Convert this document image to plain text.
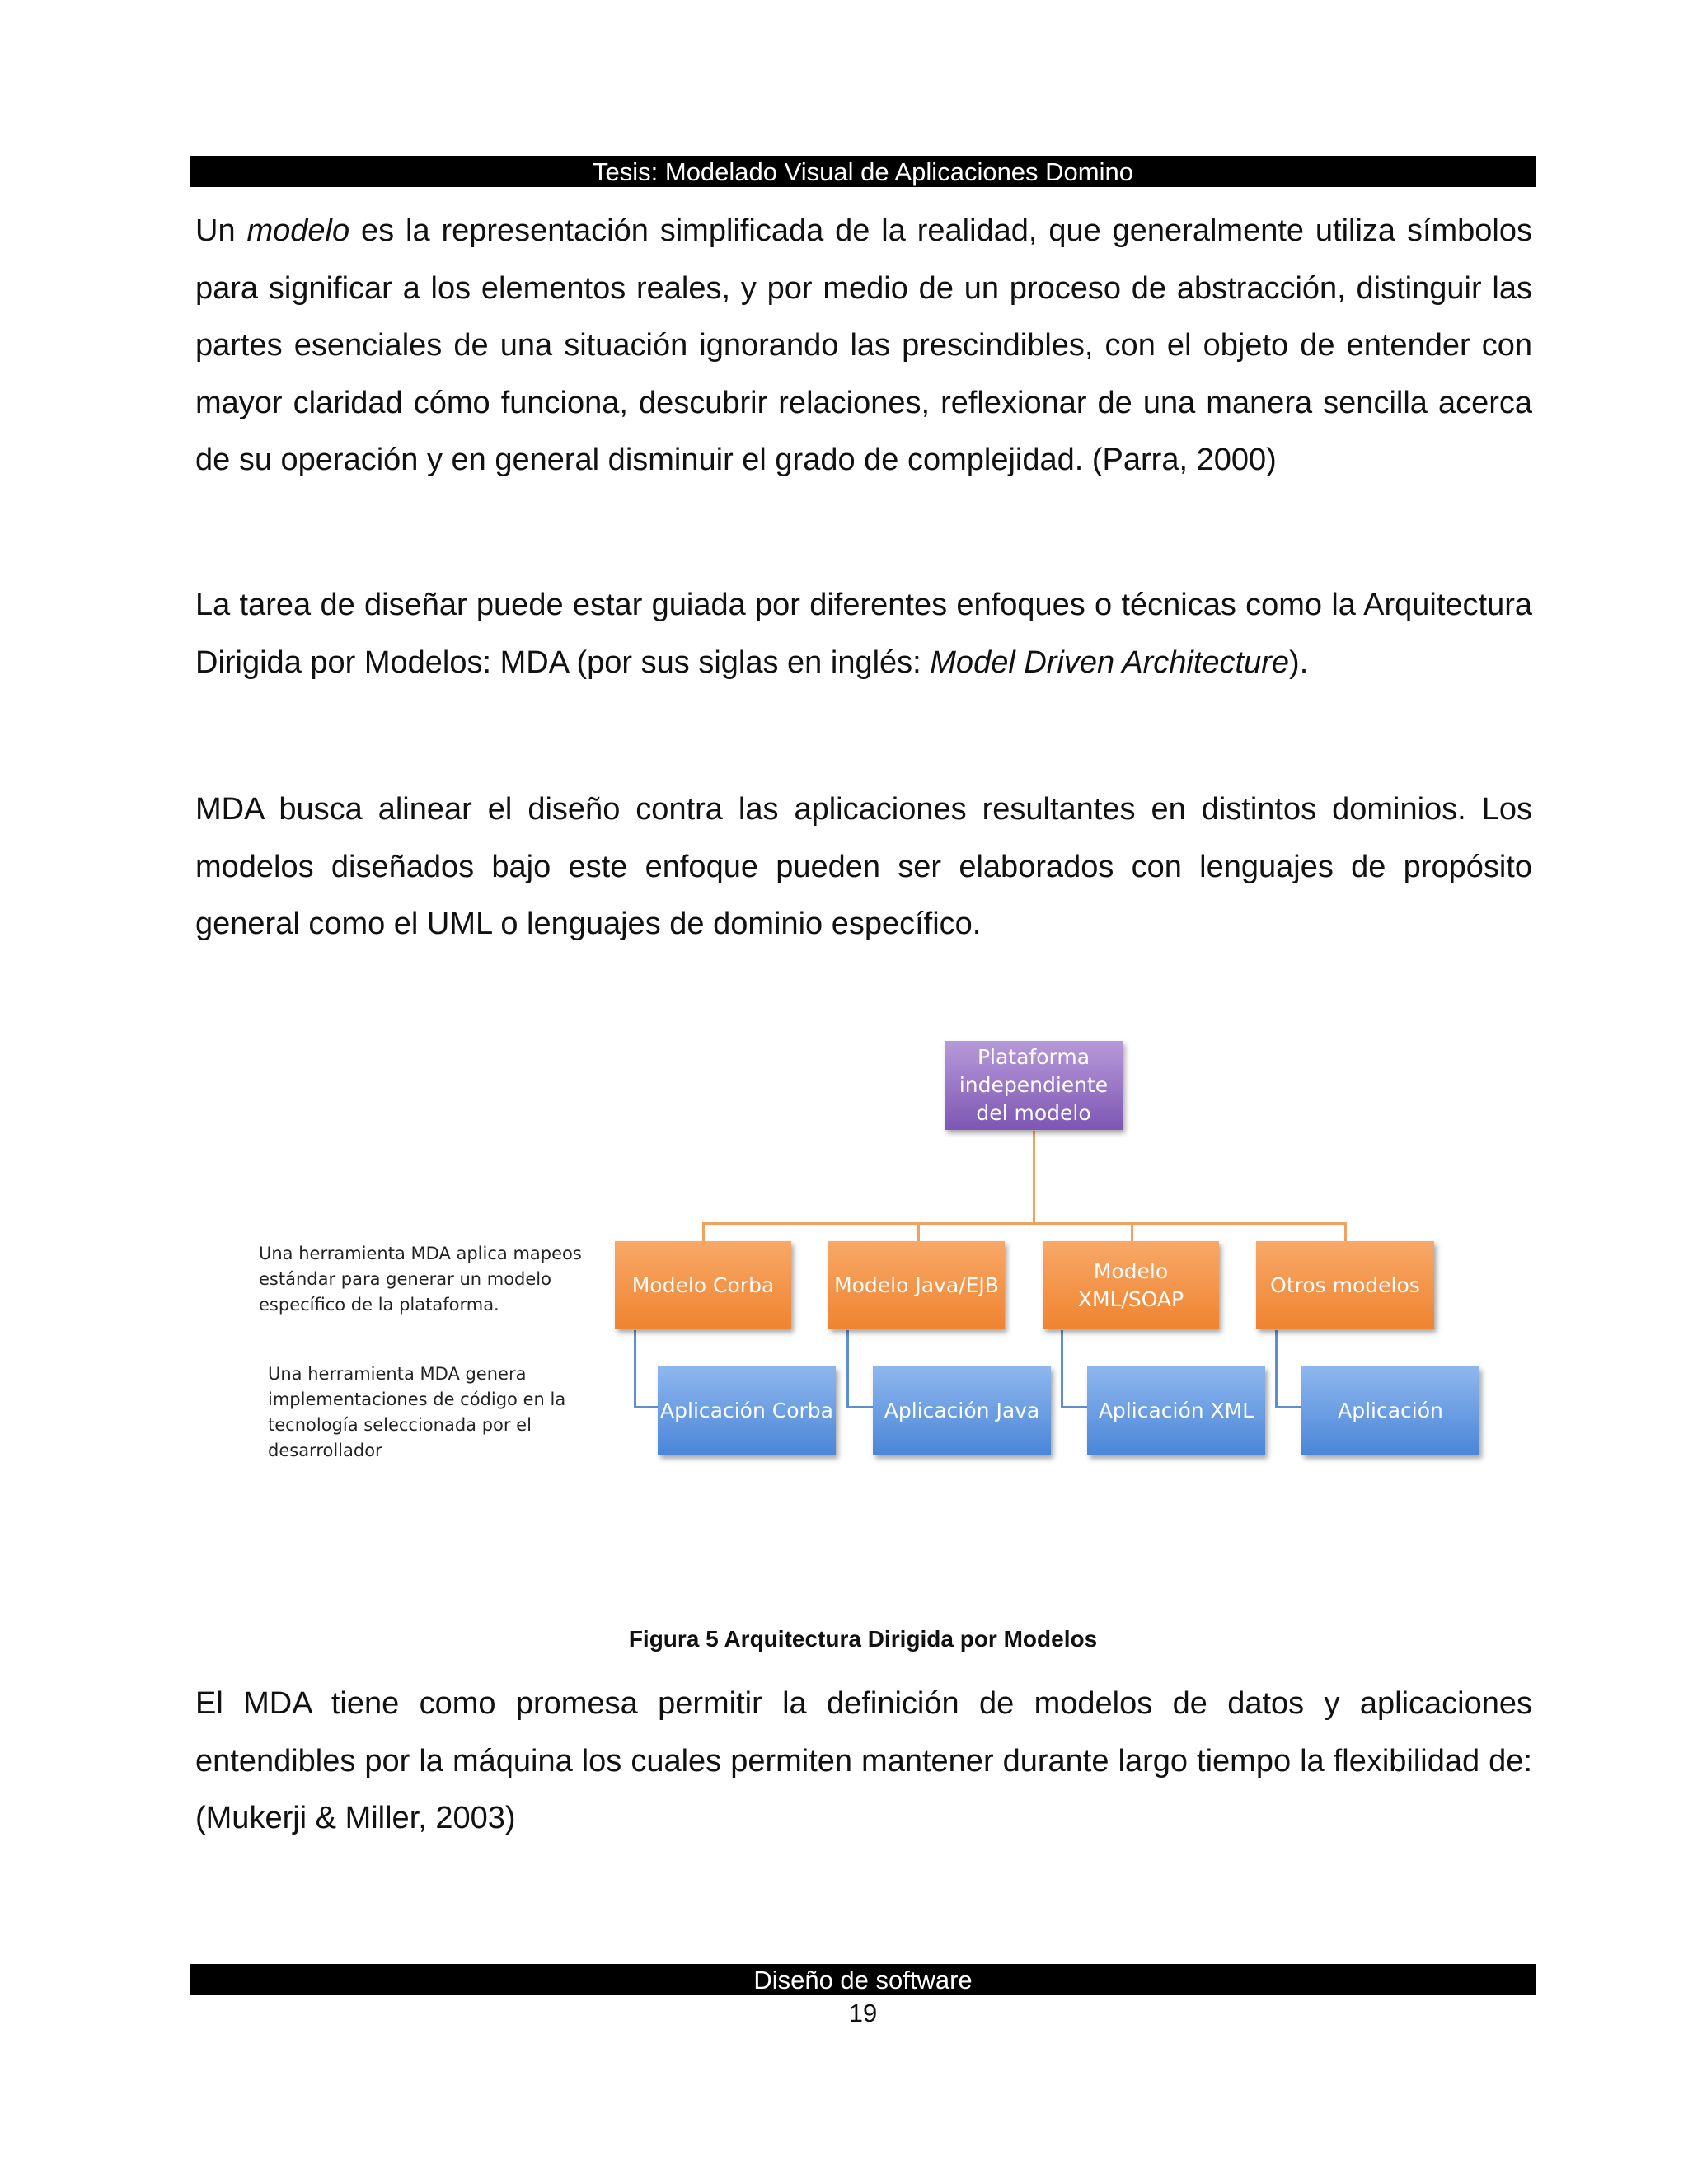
Tesis: Modelado Visual de Aplicaciones Domino

Un modelo es la representación simplificada de la realidad, que generalmente utiliza símbolos para significar a los elementos reales, y por medio de un proceso de abstracción, distinguir las partes esenciales de una situación ignorando las prescindibles, con el objeto de entender con mayor claridad cómo funciona, descubrir relaciones, reflexionar de una manera sencilla acerca de su operación y en general disminuir el grado de complejidad. (Parra, 2000)

La tarea de diseñar puede estar guiada por diferentes enfoques o técnicas como la Arquitectura Dirigida por Modelos: MDA (por sus siglas en inglés: Model Driven Architecture).

MDA busca alinear el diseño contra las aplicaciones resultantes en distintos dominios. Los modelos diseñados bajo este enfoque pueden ser elaborados con lenguajes de propósito general como el UML o lenguajes de dominio específico.

Plataforma independiente del modelo
Modelo Corba	Modelo Java/EJB
Modelo XML/SOAP
Otros modelos
Aplicación Corba	Aplicación Java	Aplicación XML	Aplicación
Una herramienta MDA aplica mapeos estándar para generar un modelo específico de la plataforma.
Una herramienta MDA genera implementaciones de código en la tecnología seleccionada por el desarrollador
Figura 5 Arquitectura Dirigida por Modelos

El MDA tiene como promesa permitir la definición de modelos de datos y aplicaciones entendibles por la máquina los cuales permiten mantener durante largo tiempo la flexibilidad de: (Mukerji & Miller, 2003)

Diseño de software
19
